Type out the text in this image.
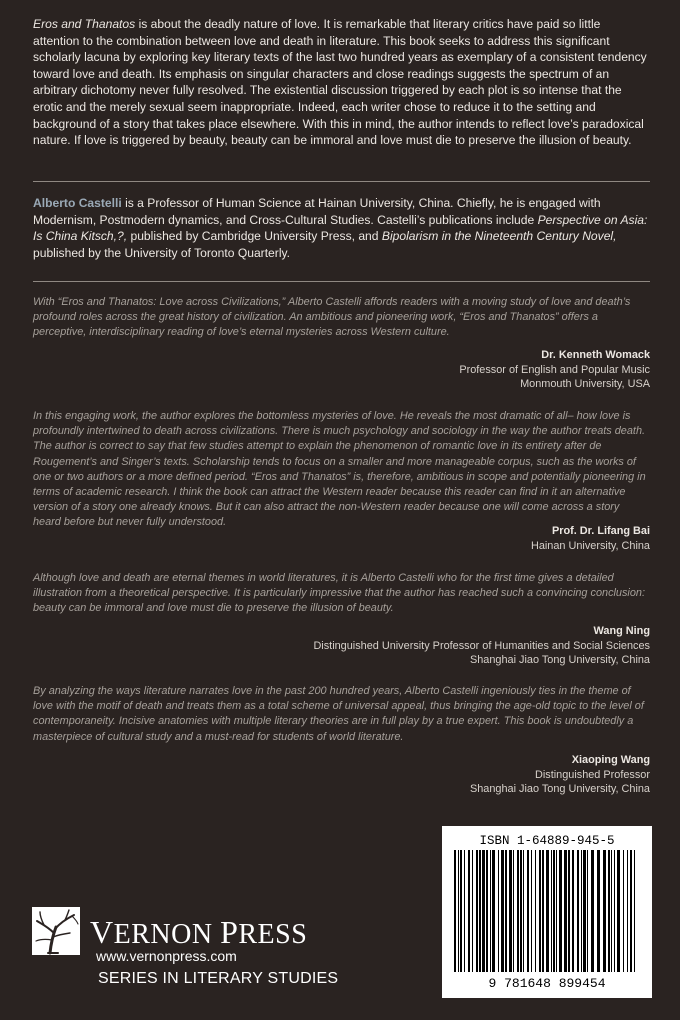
Eros and Thanatos is about the deadly nature of love. It is remarkable that literary critics have paid so little attention to the combination between love and death in literature. This book seeks to address this significant scholarly lacuna by exploring key literary texts of the last two hundred years as exemplary of a consistent tendency toward love and death. Its emphasis on singular characters and close readings suggests the spectrum of an arbitrary dichotomy never fully resolved. The existential discussion triggered by each plot is so intense that the erotic and the merely sexual seem inappropriate. Indeed, each writer chose to reduce it to the setting and background of a story that takes place elsewhere. With this in mind, the author intends to reflect love’s paradoxical nature. If love is triggered by beauty, beauty can be immoral and love must die to preserve the illusion of beauty.

Alberto Castelli is a Professor of Human Science at Hainan University, China. Chiefly, he is engaged with Modernism, Postmodern dynamics, and Cross-Cultural Studies. Castelli’s publications include Perspective on Asia: Is China Kitsch,?, published by Cambridge University Press, and Bipolarism in the Nineteenth Century Novel, published by the University of Toronto Quarterly.

With “Eros and Thanatos: Love across Civilizations,” Alberto Castelli affords readers with a moving study of love and death’s profound roles across the great history of civilization. An ambitious and pioneering work, “Eros and Thanatos” offers a perceptive, interdisciplinary reading of love’s eternal mysteries across Western culture.

Dr. Kenneth Womack
Professor of English and Popular Music
Monmouth University, USA

In this engaging work, the author explores the bottomless mysteries of love. He reveals the most dramatic of all– how love is profoundly intertwined to death across civilizations. There is much psychology and sociology in the way the author treats death. The author is correct to say that few studies attempt to explain the phenomenon of romantic love in its entirety after de Rougement’s and Singer’s texts. Scholarship tends to focus on a smaller and more manageable corpus, such as the works of one or two authors or a more defined period. “Eros and Thanatos” is, therefore, ambitious in scope and potentially pioneering in terms of academic research. I think the book can attract the Western reader because this reader can find in it an alternative version of a story one already knows. But it can also attract the non-Western reader because one will come across a story heard before but never fully understood.

Prof. Dr. Lifang Bai
Hainan University, China

Although love and death are eternal themes in world literatures, it is Alberto Castelli who for the first time gives a detailed illustration from a theoretical perspective. It is particularly impressive that the author has reached such a convincing conclusion: beauty can be immoral and love must die to preserve the illusion of beauty.

Wang Ning
Distinguished University Professor of Humanities and Social Sciences
Shanghai Jiao Tong University, China

By analyzing the ways literature narrates love in the past 200 hundred years, Alberto Castelli ingeniously ties in the theme of love with the motif of death and treats them as a total scheme of universal appeal, thus bringing the age-old topic to the level of contemporaneity. Incisive anatomies with multiple literary theories are in full play by a true expert. This book is undoubtedly a masterpiece of cultural study and a must-read for students of world literature.

Xiaoping Wang
Distinguished Professor
Shanghai Jiao Tong University, China
ISBN 1-64889-945-5
9 781648 899454
VERNON PRESS
www.vernonpress.com
SERIES IN LITERARY STUDIES
